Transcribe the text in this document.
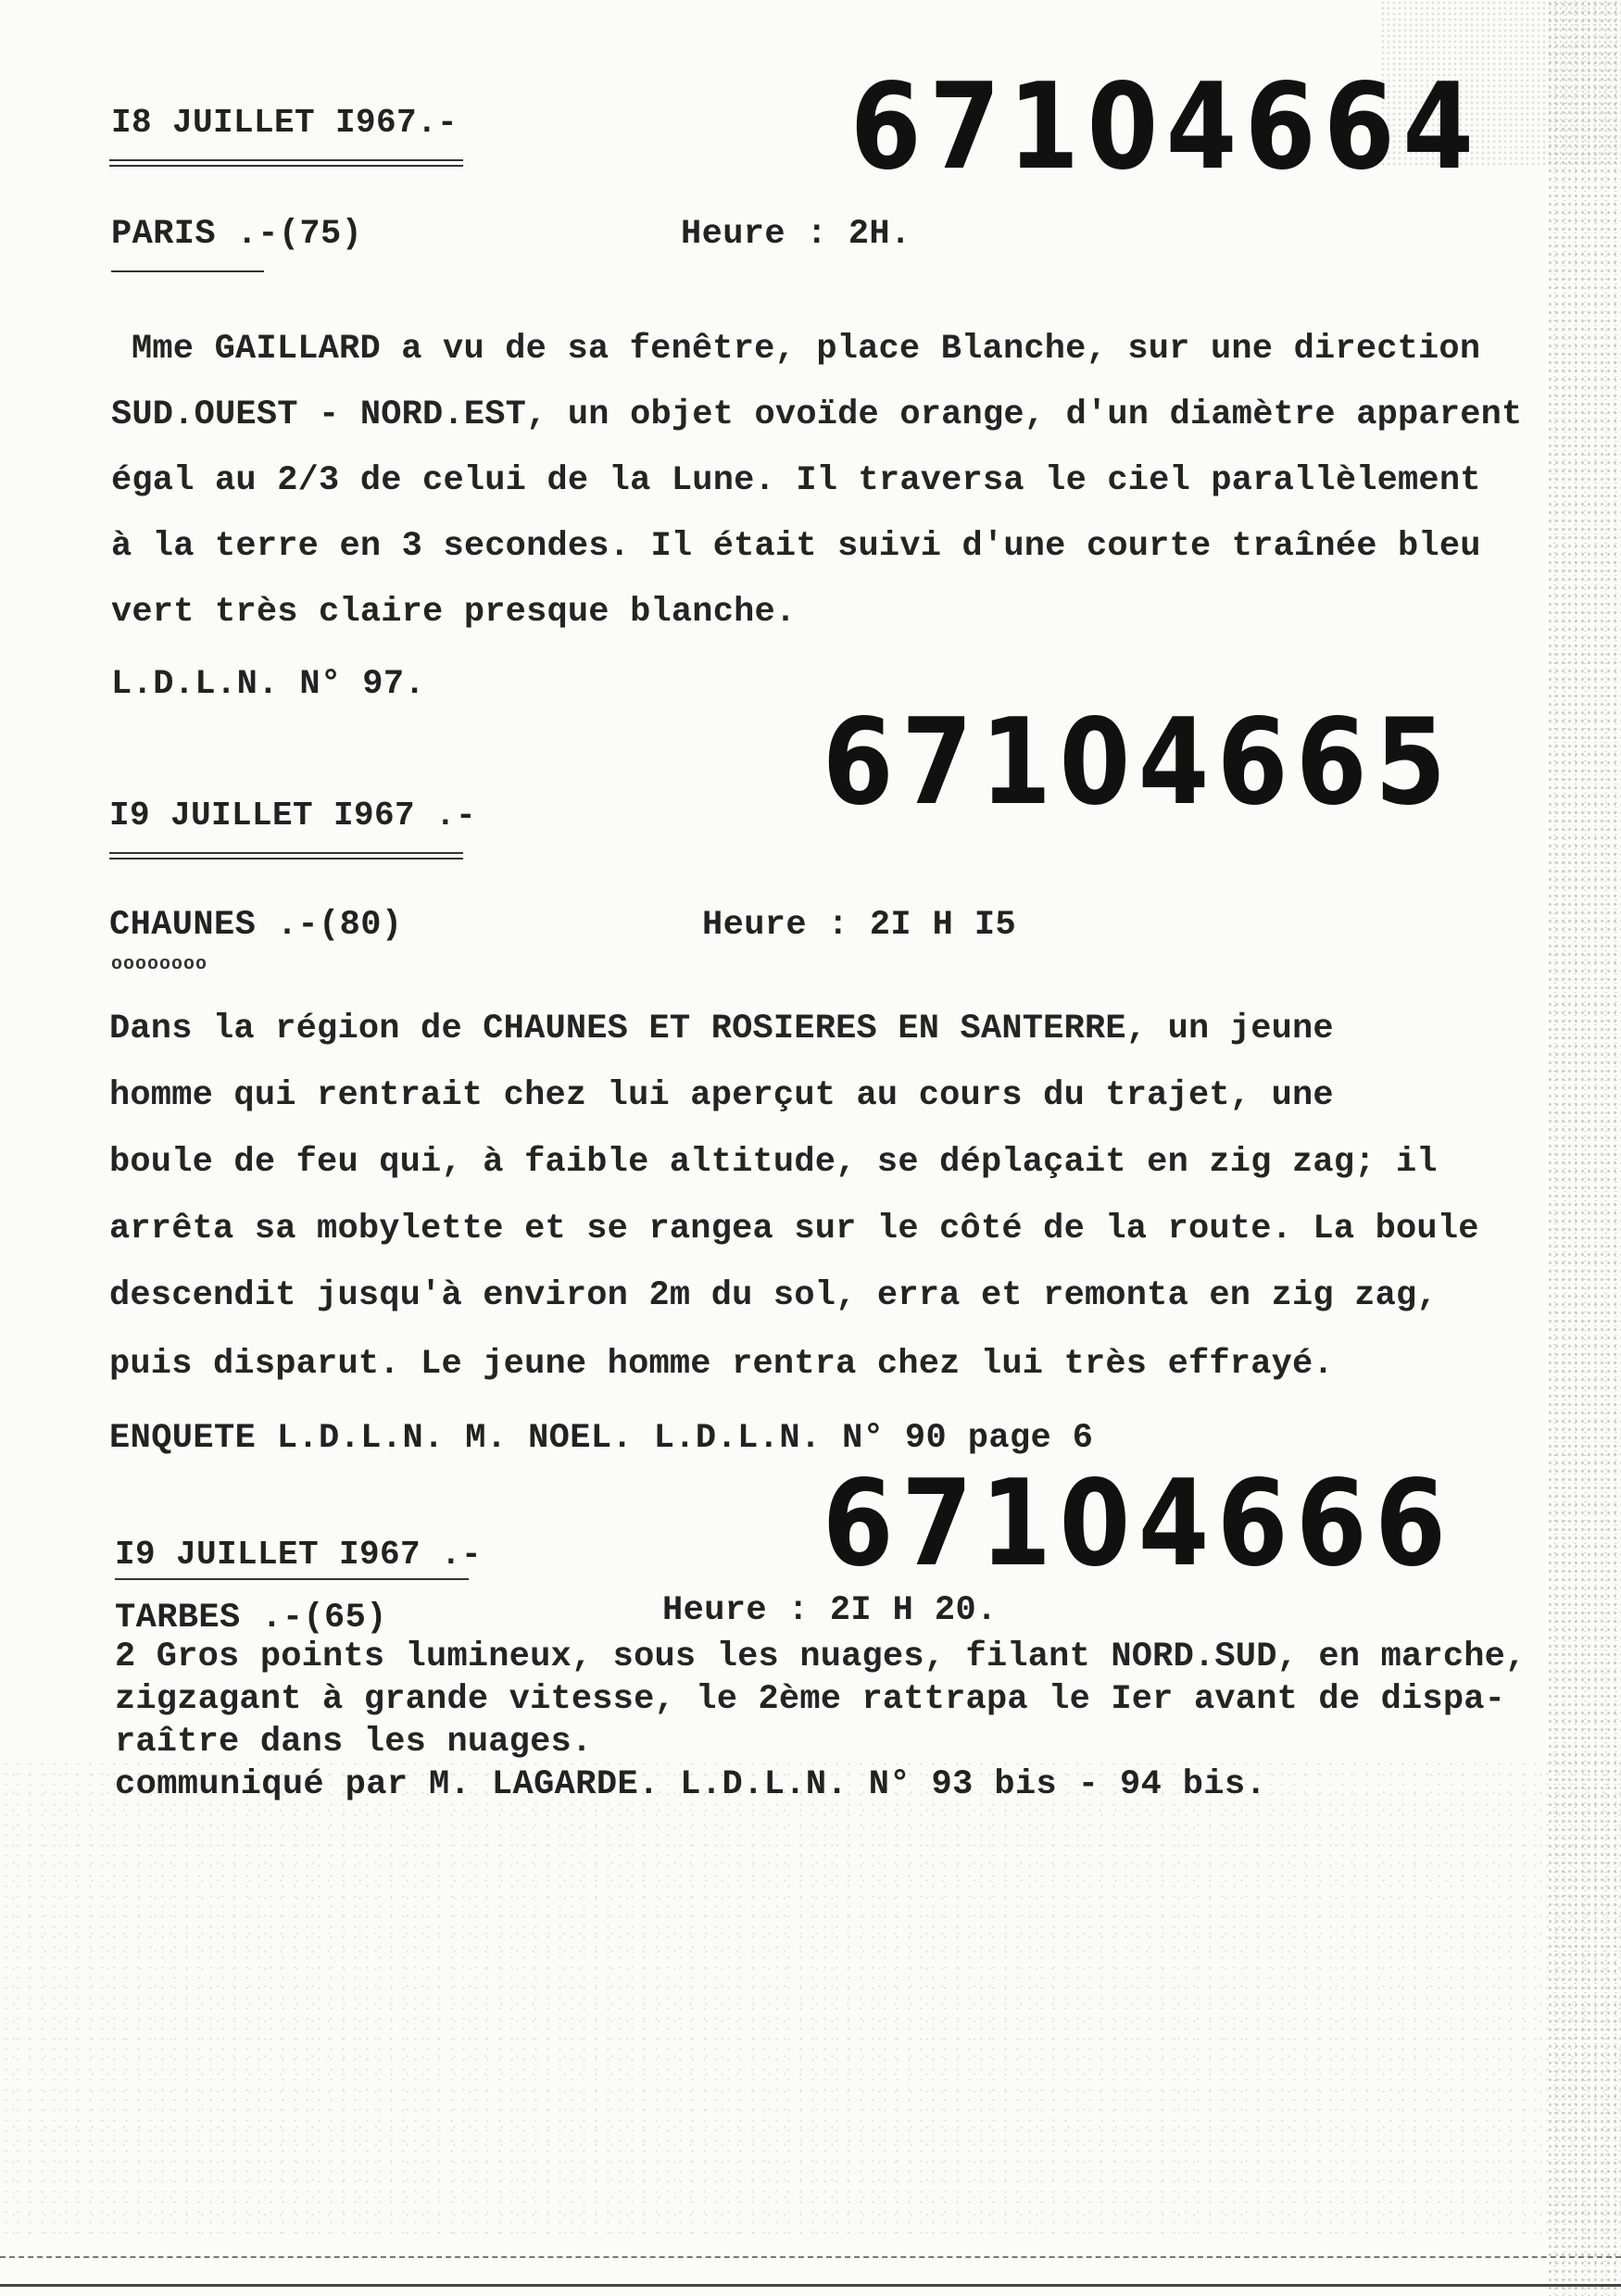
I8 JUILLET I967.-	67104664
PARIS .-(75)	Heure : 2H.
Mme GAILLARD a vu de sa fenêtre, place Blanche, sur une direction
SUD.OUEST - NORD.EST, un objet ovoïde orange, d'un diamètre apparent
égal au 2/3 de celui de la Lune. Il traversa le ciel parallèlement
à la terre en 3 secondes. Il était suivi d'une courte traînée bleu
vert très claire presque blanche.
L.D.L.N. N° 97.
67104665
I9 JUILLET I967 .-
CHAUNES .-(80)
oooooooo
Heure : 2I H I5
Dans la région de CHAUNES ET ROSIERES EN SANTERRE, un jeune
homme qui rentrait chez lui aperçut au cours du trajet, une
boule de feu qui, à faible altitude, se déplaçait en zig zag; il
arrêta sa mobylette et se rangea sur le côté de la route. La boule
descendit jusqu'à environ 2m du sol, erra et remonta en zig zag,
puis disparut. Le jeune homme rentra chez lui très effrayé.
ENQUETE L.D.L.N. M. NOEL. L.D.L.N. N° 90 page 6
67104666
I9 JUILLET I967 .-
TARBES .-(65)	Heure : 2I H 20.
2 Gros points lumineux, sous les nuages, filant NORD.SUD, en marche,
zigzagant à grande vitesse, le 2ème rattrapa le Ier avant de dispa-
raître dans les nuages.
communiqué par M. LAGARDE. L.D.L.N. N° 93 bis - 94 bis.
